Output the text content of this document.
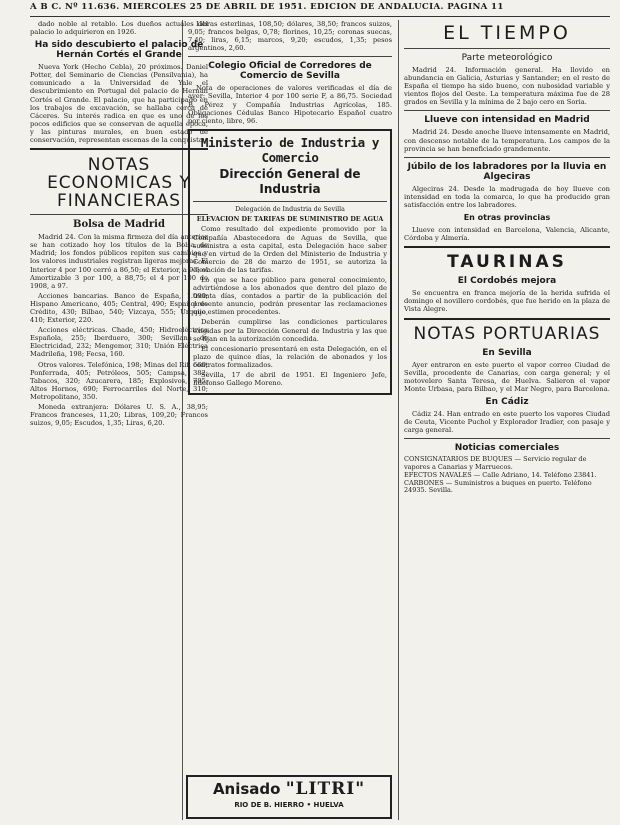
A B C. Nº 11.636. MIÉRCOLES 25 DE ABRIL DE 1951. EDICIÓN DE ANDALUCÍA. PÁGINA 11

dado noble al retablo. Los dueños actuales del palacio lo adquirieron en 1926.

Ha sido descubierto el palacio de Hernán Cortés el Grande

Nueva York (Hecho Cebla), 20 próximos. Daniel Potter, del Seminario de Ciencias (Pensilvania), ha comunicado a la Universidad de Yale el descubrimiento en Portugal del palacio de Hernán Cortés el Grande. El palacio, que ha participado en los trabajos de excavación, se hallaba cerca de Cáceres. Su interés radica en que es uno de los pocos edificios que se conservan de aquella época, y las pinturas murales, en buen estado de conservación, representan escenas de la conquista.

NOTAS ECONOMICAS Y FINANCIERAS
Bolsa de Madrid

Madrid 24. Con la misma firmeza del día anterior se han cotizado hoy los títulos de la Bolsa de Madrid; los fondos públicos repiten sus cambios y los valores industriales registran ligeras mejoras. El Interior 4 por 100 cerró a 86,50; el Exterior, a 93; el Amortizable 3 por 100, a 88,75; el 4 por 100 de 1908, a 97.

Acciones bancarias. Banco de España, 1.000; Hispano Americano, 405; Central, 490; Español de Crédito, 430; Bilbao, 540; Vizcaya, 555; Urquijo, 410; Exterior, 220.

Acciones eléctricas. Chade, 450; Hidroeléctrica Española, 255; Iberduero, 300; Sevillana de Electricidad, 232; Mengemor, 310; Unión Eléctrica Madrileña, 198; Fecsa, 160.

Otros valores. Telefónica, 198; Minas del Rif, 660; Ponferrada, 405; Petróleos, 505; Campsa, 382; Tabacos, 320; Azucarera, 185; Explosivos, 785; Altos Hornos, 690; Ferrocarriles del Norte, 310; Metropolitano, 350.

Moneda extranjera: Dólares U. S. A., 38,95; Francos franceses, 11,20; Libras, 109,20; Francos suizos, 9,05; Escudos, 1,35; Liras, 6,20.

Libras esterlinas, 108,50; dólares, 38,50; francos suizos, 9,05; francos belgas, 0,78; florines, 10,25; coronas suecas, 7,40; liras, 6,15; marcos, 9,20; escudos, 1,35; pesos argentinos, 2,60.

Colegio Oficial de Corredores de Comercio de Sevilla

Nota de operaciones de valores verificadas el día de ayer: Sevilla, Interior 4 por 100 serie F, a 86,75. Sociedad B. Pérez y Compañía Industrias Agrícolas, 185. Obligaciones Cédulas Banco Hipotecario Español cuatro por ciento, libre, 96.

Ministerio de Industria y Comercio
Dirección General de Industria
Delegación de Industria de Sevilla
ELEVACION DE TARIFAS DE SUMINISTRO DE AGUA

Como resultado del expediente promovido por la Compañía Abastecedora de Aguas de Sevilla, que suministra a esta capital, esta Delegación hace saber que en virtud de la Orden del Ministerio de Industria y Comercio de 28 de marzo de 1951, se autoriza la elevación de las tarifas.

Lo que se hace público para general conocimiento, advirtiéndose a los abonados que dentro del plazo de treinta días, contados a partir de la publicación del presente anuncio, podrán presentar las reclamaciones que estimen procedentes.

Deberán cumplirse las condiciones particulares exigidas por la Dirección General de Industria y las que se fijan en la autorización concedida.

El concesionario presentará en esta Delegación, en el plazo de quince días, la relación de abonados y los contratos formalizados.

Sevilla, 17 de abril de 1951. El Ingeniero Jefe, Ildefonso Gallego Moreno.

Anisado "LITRI"
RIO DE B. HIERRO • HUELVA
EL TIEMPO
Parte meteorológico

Madrid 24. Información general. Ha llovido en abundancia en Galicia, Asturias y Santander; en el resto de España el tiempo ha sido bueno, con nubosidad variable y vientos flojos del Oeste. La temperatura máxima fue de 28 grados en Sevilla y la mínima de 2 bajo cero en Soria.

Llueve con intensidad en Madrid

Madrid 24. Desde anoche llueve intensamente en Madrid, con descenso notable de la temperatura. Los campos de la provincia se han beneficiado grandemente.

Júbilo de los labradores por la lluvia en Algeciras

Algeciras 24. Desde la madrugada de hoy llueve con intensidad en toda la comarca, lo que ha producido gran satisfacción entre los labradores.

En otras provincias

Llueve con intensidad en Barcelona, Valencia, Alicante, Córdoba y Almería.

TAURINAS
El Cordobés mejora

Se encuentra en franca mejoría de la herida sufrida el domingo el novillero cordobés, que fue herido en la plaza de Vista Alegre.

NOTAS PORTUARIAS
En Sevilla

Ayer entraron en este puerto el vapor correo Ciudad de Sevilla, procedente de Canarias, con carga general; y el motovelero Santa Teresa, de Huelva. Salieron el vapor Monte Urbasa, para Bilbao, y el Mar Negro, para Barcelona.

En Cádiz

Cádiz 24. Han entrado en este puerto los vapores Ciudad de Ceuta, Vicente Puchol y Explorador Iradier, con pasaje y carga general.

Noticias comerciales

CONSIGNATARIOS DE BUQUES — Servicio regular de vapores a Canarias y Marruecos.

EFECTOS NAVALES — Calle Adriano, 14. Teléfono 23841.

CARBONES — Suministros a buques en puerto. Teléfono 24935. Sevilla.
